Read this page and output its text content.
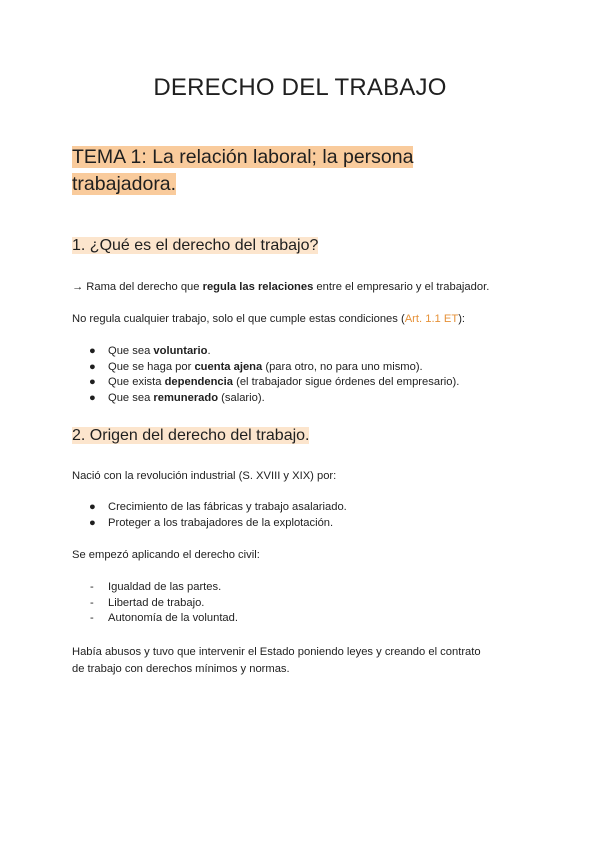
DERECHO DEL TRABAJO
TEMA 1: La relación laboral; la persona trabajadora.
1. ¿Qué es el derecho del trabajo?

→ Rama del derecho que regula las relaciones entre el empresario y el trabajador.

No regula cualquier trabajo, solo el que cumple estas condiciones (Art. 1.1 ET):

● Que sea voluntario.
● Que se haga por cuenta ajena (para otro, no para uno mismo).
● Que exista dependencia (el trabajador sigue órdenes del empresario).
● Que sea remunerado (salario).
2. Origen del derecho del trabajo.

Nació con la revolución industrial (S. XVIII y XIX) por:

● Crecimiento de las fábricas y trabajo asalariado.
● Proteger a los trabajadores de la explotación.

Se empezó aplicando el derecho civil:

- Igualdad de las partes.
- Libertad de trabajo.
- Autonomía de la voluntad.

Había abusos y tuvo que intervenir el Estado poniendo leyes y creando el contrato
de trabajo con derechos mínimos y normas.
